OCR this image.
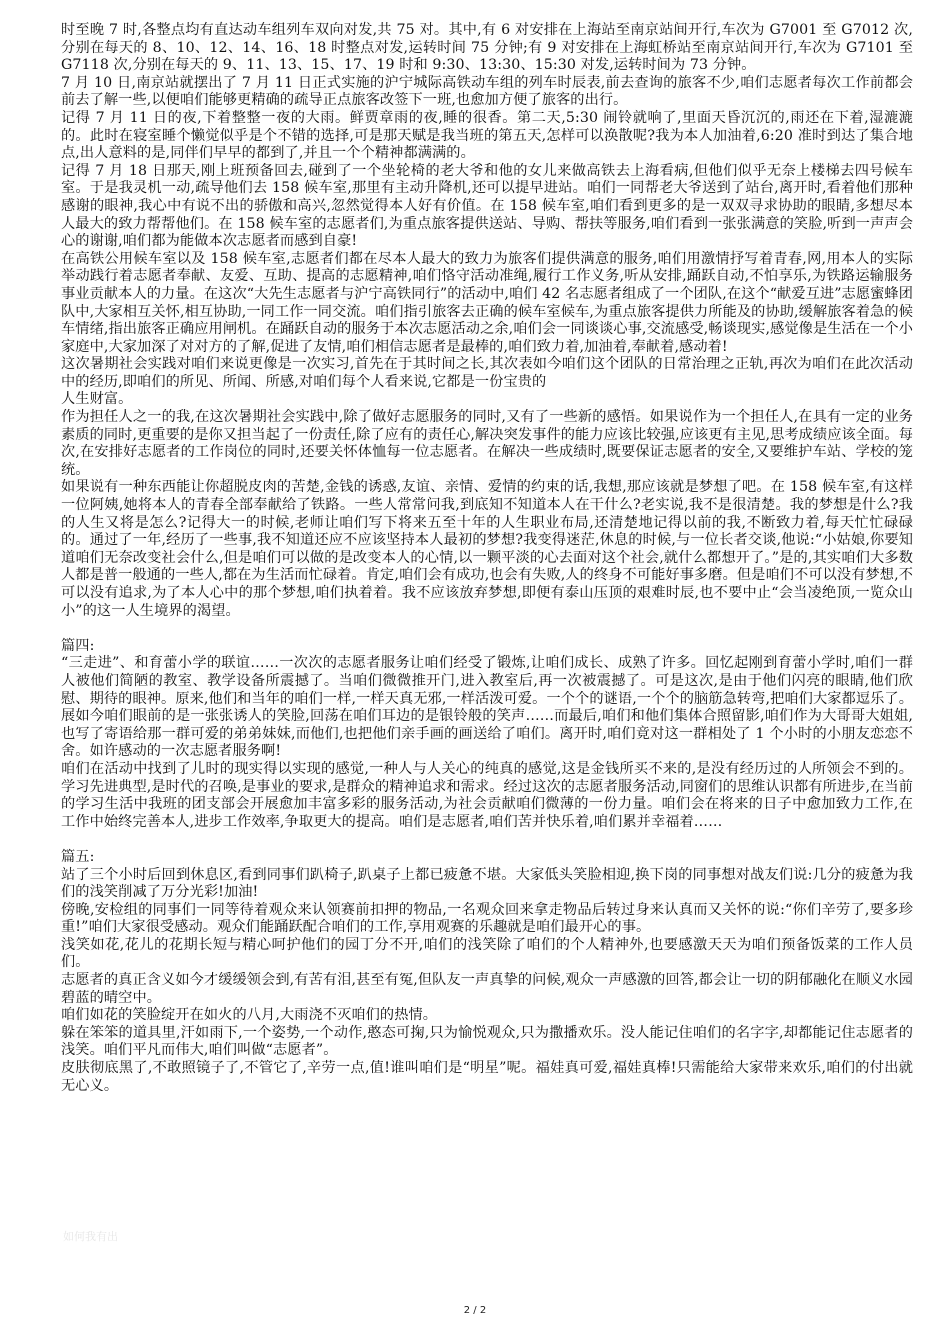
时至晚 7 时,各整点均有直达动车组列车双向对发,共 75 对。其中,有 6 对安排在上海站至南京站间开行,车次为 G7001 至 G7012 次,分别在每天的 8、10、12、14、16、18 时整点对发,运转时间 75 分钟;有 9 对安排在上海虹桥站至南京站间开行,车次为 G7101 至 G7118 次,分别在每天的 9、11、13、15、17、19 时和 9:30、13:30、15:30 对发,运转时间为 73 分钟。

7 月 10 日,南京站就摆出了 7 月 11 日正式实施的沪宁城际高铁动车组的列车时辰表,前去查询的旅客不少,咱们志愿者每次工作前都会前去了解一些,以便咱们能够更精确的疏导正点旅客改签下一班,也愈加方便了旅客的出行。

记得 7 月 11 日的夜,下着整整一夜的大雨。鲜贾章雨的夜,睡的很香。第二天,5:30 闹铃就响了,里面天昏沉沉的,雨还在下着,湿漉漉的。此时在寝室睡个懒觉似乎是个不错的选择,可是那天赋是我当班的第五天,怎样可以涣散呢?我为本人加油着,6:20 准时到达了集合地点,出人意料的是,同伴们早早的都到了,并且一个个精神都满满的。

记得 7 月 18 日那天,刚上班预备回去,碰到了一个坐轮椅的老大爷和他的女儿来做高铁去上海看病,但他们似乎无奈上楼梯去四号候车室。于是我灵机一动,疏导他们去 158 候车室,那里有主动升降机,还可以提早进站。咱们一同帮老大爷送到了站台,离开时,看着他们那种感谢的眼神,我心中有说不出的骄傲和高兴,忽然觉得本人好有价值。在 158 候车室,咱们看到更多的是一双双寻求协助的眼睛,多想尽本人最大的致力帮帮他们。在 158 候车室的志愿者们,为重点旅客提供送站、导购、帮扶等服务,咱们看到一张张满意的笑脸,听到一声声会心的谢谢,咱们都为能做本次志愿者而感到自豪!

在高铁公用候车室以及 158 候车室,志愿者们都在尽本人最大的致力为旅客们提供满意的服务,咱们用激情抒写着青春,网,用本人的实际举动践行着志愿者奉献、友爱、互助、提高的志愿精神,咱们恪守活动准绳,履行工作义务,听从安排,踊跃自动,不怕享乐,为铁路运输服务事业贡献本人的力量。在这次“大先生志愿者与沪宁高铁同行”的活动中,咱们 42 名志愿者组成了一个团队,在这个“献爱互进”志愿蜜蜂团队中,大家相互关怀,相互协助,一同工作一同交流。咱们指引旅客去正确的候车室候车,为重点旅客提供力所能及的协助,缓解旅客着急的候车情绪,指出旅客正确应用闸机。在踊跃自动的服务于本次志愿活动之余,咱们会一同谈谈心事,交流感受,畅谈现实,感觉像是生活在一个小家庭中,大家加深了对对方的了解,促进了友情,咱们相信志愿者是最棒的,咱们致力着,加油着,奉献着,感动着!

这次暑期社会实践对咱们来说更像是一次实习,首先在于其时间之长,其次表如今咱们这个团队的日常治理之正轨,再次为咱们在此次活动中的经历,即咱们的所见、所闻、所感,对咱们每个人看来说,它都是一份宝贵的

人生财富。

作为担任人之一的我,在这次暑期社会实践中,除了做好志愿服务的同时,又有了一些新的感悟。如果说作为一个担任人,在具有一定的业务素质的同时,更重要的是你又担当起了一份责任,除了应有的责任心,解决突发事件的能力应该比较强,应该更有主见,思考成绩应该全面。每次,在安排好志愿者的工作岗位的同时,还要关怀体恤每一位志愿者。在解决一些成绩时,既要保证志愿者的安全,又要维护车站、学校的笼统。

如果说有一种东西能让你超脱皮肉的苦楚,金钱的诱惑,友谊、亲情、爱情的约束的话,我想,那应该就是梦想了吧。在 158 候车室,有这样一位阿姨,她将本人的青春全部奉献给了铁路。一些人常常问我,到底知不知道本人在干什么?老实说,我不是很清楚。我的梦想是什么?我的人生又将是怎么?记得大一的时候,老师让咱们写下将来五至十年的人生职业布局,还清楚地记得以前的我,不断致力着,每天忙忙碌碌的。通过了一年,经历了一些事,我不知道还应不应该坚持本人最初的梦想?我变得迷茫,休息的时候,与一位长者交谈,他说:“小姑娘,你要知道咱们无奈改变社会什么,但是咱们可以做的是改变本人的心情,以一颗平淡的心去面对这个社会,就什么都想开了。”是的,其实咱们大多数人都是普一般通的一些人,都在为生活而忙碌着。肯定,咱们会有成功,也会有失败,人的终身不可能好事多磨。但是咱们不可以没有梦想,不可以没有追求,为了本人心中的那个梦想,咱们执着着。我不应该放弃梦想,即便有泰山压顶的艰难时辰,也不要中止“会当凌绝顶,一览众山小”的这一人生境界的渴望。

篇四:

“三走进”、和育蕾小学的联谊……一次次的志愿者服务让咱们经受了锻炼,让咱们成长、成熟了许多。回忆起刚到育蕾小学时,咱们一群人被他们简陋的教室、教学设备所震撼了。当咱们微微推开门,进入教室后,再一次被震撼了。可是这次,是由于他们闪亮的眼睛,他们欣慰、期待的眼神。原来,他们和当年的咱们一样,一样天真无邪,一样活泼可爱。一个个的谜语,一个个的脑筋急转弯,把咱们大家都逗乐了。展如今咱们眼前的是一张张诱人的笑脸,回荡在咱们耳边的是银铃般的笑声……而最后,咱们和他们集体合照留影,咱们作为大哥哥大姐姐,也写了寄语给那一群可爱的弟弟妹妹,而他们,也把他们亲手画的画送给了咱们。离开时,咱们竟对这一群相处了 1 个小时的小朋友恋恋不舍。如许感动的一次志愿者服务啊!

咱们在活动中找到了儿时的现实得以实现的感觉,一种人与人关心的纯真的感觉,这是金钱所买不来的,是没有经历过的人所领会不到的。学习先进典型,是时代的召唤,是事业的要求,是群众的精神追求和需求。经过这次的志愿者服务活动,同窗们的思维认识都有所进步,在当前的学习生活中我班的团支部会开展愈加丰富多彩的服务活动,为社会贡献咱们微薄的一份力量。咱们会在将来的日子中愈加致力工作,在工作中始终完善本人,进步工作效率,争取更大的提高。咱们是志愿者,咱们苦并快乐着,咱们累并幸福着……

篇五:

站了三个小时后回到休息区,看到同事们趴椅子,趴桌子上都已疲惫不堪。大家低头笑脸相迎,换下岗的同事想对战友们说:几分的疲惫为我们的浅笑削减了万分光彩!加油!

傍晚,安检组的同事们一同等待着观众来认领赛前扣押的物品,一名观众回来拿走物品后转过身来认真而又关怀的说:“你们辛劳了,要多珍重!”咱们大家很受感动。观众们能踊跃配合咱们的工作,享用观赛的乐趣就是咱们最开心的事。

浅笑如花,花儿的花期长短与精心呵护他们的园丁分不开,咱们的浅笑除了咱们的个人精神外,也要感激天天为咱们预备饭菜的工作人员们。

志愿者的真正含义如今才缓缓领会到,有苦有泪,甚至有冤,但队友一声真挚的问候,观众一声感激的回答,都会让一切的阴郁融化在顺义水园碧蓝的晴空中。

咱们如花的笑脸绽开在如火的八月,大雨浇不灭咱们的热情。

躲在笨笨的道具里,汗如雨下,一个姿势,一个动作,憨态可掬,只为愉悦观众,只为撒播欢乐。没人能记住咱们的名字字,却都能记住志愿者的浅笑。咱们平凡而伟大,咱们叫做“志愿者”。

皮肤彻底黑了,不敢照镜子了,不管它了,辛劳一点,值!谁叫咱们是“明星”呢。福娃真可爱,福娃真棒!只需能给大家带来欢乐,咱们的付出就无心义。

如何我有出
2 / 2
